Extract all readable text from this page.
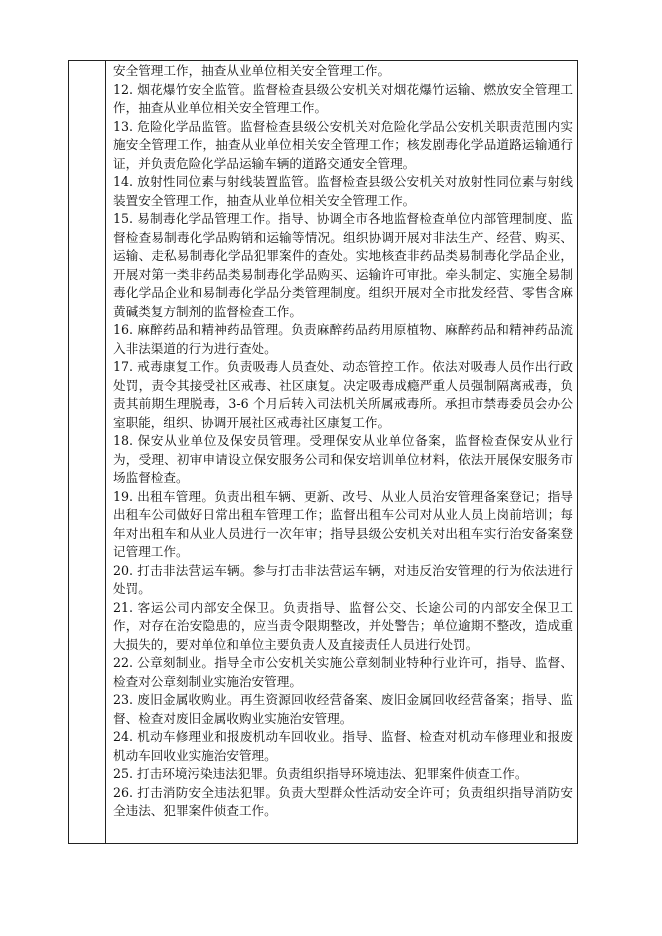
安全管理工作，抽查从业单位相关安全管理工作。

12. 烟花爆竹安全监管。监督检查县级公安机关对烟花爆竹运输、燃放安全管理工作，抽查从业单位相关安全管理工作。

13. 危险化学品监管。监督检查县级公安机关对危险化学品公安机关职责范围内实施安全管理工作，抽查从业单位相关安全管理工作；核发剧毒化学品道路运输通行证，并负责危险化学品运输车辆的道路交通安全管理。

14. 放射性同位素与射线装置监管。监督检查县级公安机关对放射性同位素与射线装置安全管理工作，抽查从业单位相关安全管理工作。

15. 易制毒化学品管理工作。指导、协调全市各地监督检查单位内部管理制度、监督检查易制毒化学品购销和运输等情况。组织协调开展对非法生产、经营、购买、运输、走私易制毒化学品犯罪案件的查处。实地核查非药品类易制毒化学品企业，开展对第一类非药品类易制毒化学品购买、运输许可审批。牵头制定、实施全易制毒化学品企业和易制毒化学品分类管理制度。组织开展对全市批发经营、零售含麻黄碱类复方制剂的监督检查工作。

16. 麻醉药品和精神药品管理。负责麻醉药品药用原植物、麻醉药品和精神药品流入非法渠道的行为进行查处。

17. 戒毒康复工作。负责吸毒人员查处、动态管控工作。依法对吸毒人员作出行政处罚，责令其接受社区戒毒、社区康复。决定吸毒成瘾严重人员强制隔离戒毒，负责其前期生理脱毒，3-6 个月后转入司法机关所属戒毒所。承担市禁毒委员会办公室职能，组织、协调开展社区戒毒社区康复工作。

18. 保安从业单位及保安员管理。受理保安从业单位备案，监督检查保安从业行为，受理、初审申请设立保安服务公司和保安培训单位材料，依法开展保安服务市场监督检查。

19. 出租车管理。负责出租车辆、更新、改号、从业人员治安管理备案登记；指导出租车公司做好日常出租车管理工作；监督出租车公司对从业人员上岗前培训；每年对出租车和从业人员进行一次年审；指导县级公安机关对出租车实行治安备案登记管理工作。

20. 打击非法营运车辆。参与打击非法营运车辆，对违反治安管理的行为依法进行处罚。

21. 客运公司内部安全保卫。负责指导、监督公交、长途公司的内部安全保卫工作，对存在治安隐患的，应当责令限期整改，并处警告；单位逾期不整改，造成重大损失的，要对单位和单位主要负责人及直接责任人员进行处罚。

22. 公章刻制业。指导全市公安机关实施公章刻制业特种行业许可，指导、监督、检查对公章刻制业实施治安管理。

23. 废旧金属收购业。再生资源回收经营备案、废旧金属回收经营备案；指导、监督、检查对废旧金属收购业实施治安管理。

24. 机动车修理业和报废机动车回收业。指导、监督、检查对机动车修理业和报废机动车回收业实施治安管理。

25. 打击环境污染违法犯罪。负责组织指导环境违法、犯罪案件侦查工作。

26. 打击消防安全违法犯罪。负责大型群众性活动安全许可；负责组织指导消防安全违法、犯罪案件侦查工作。
